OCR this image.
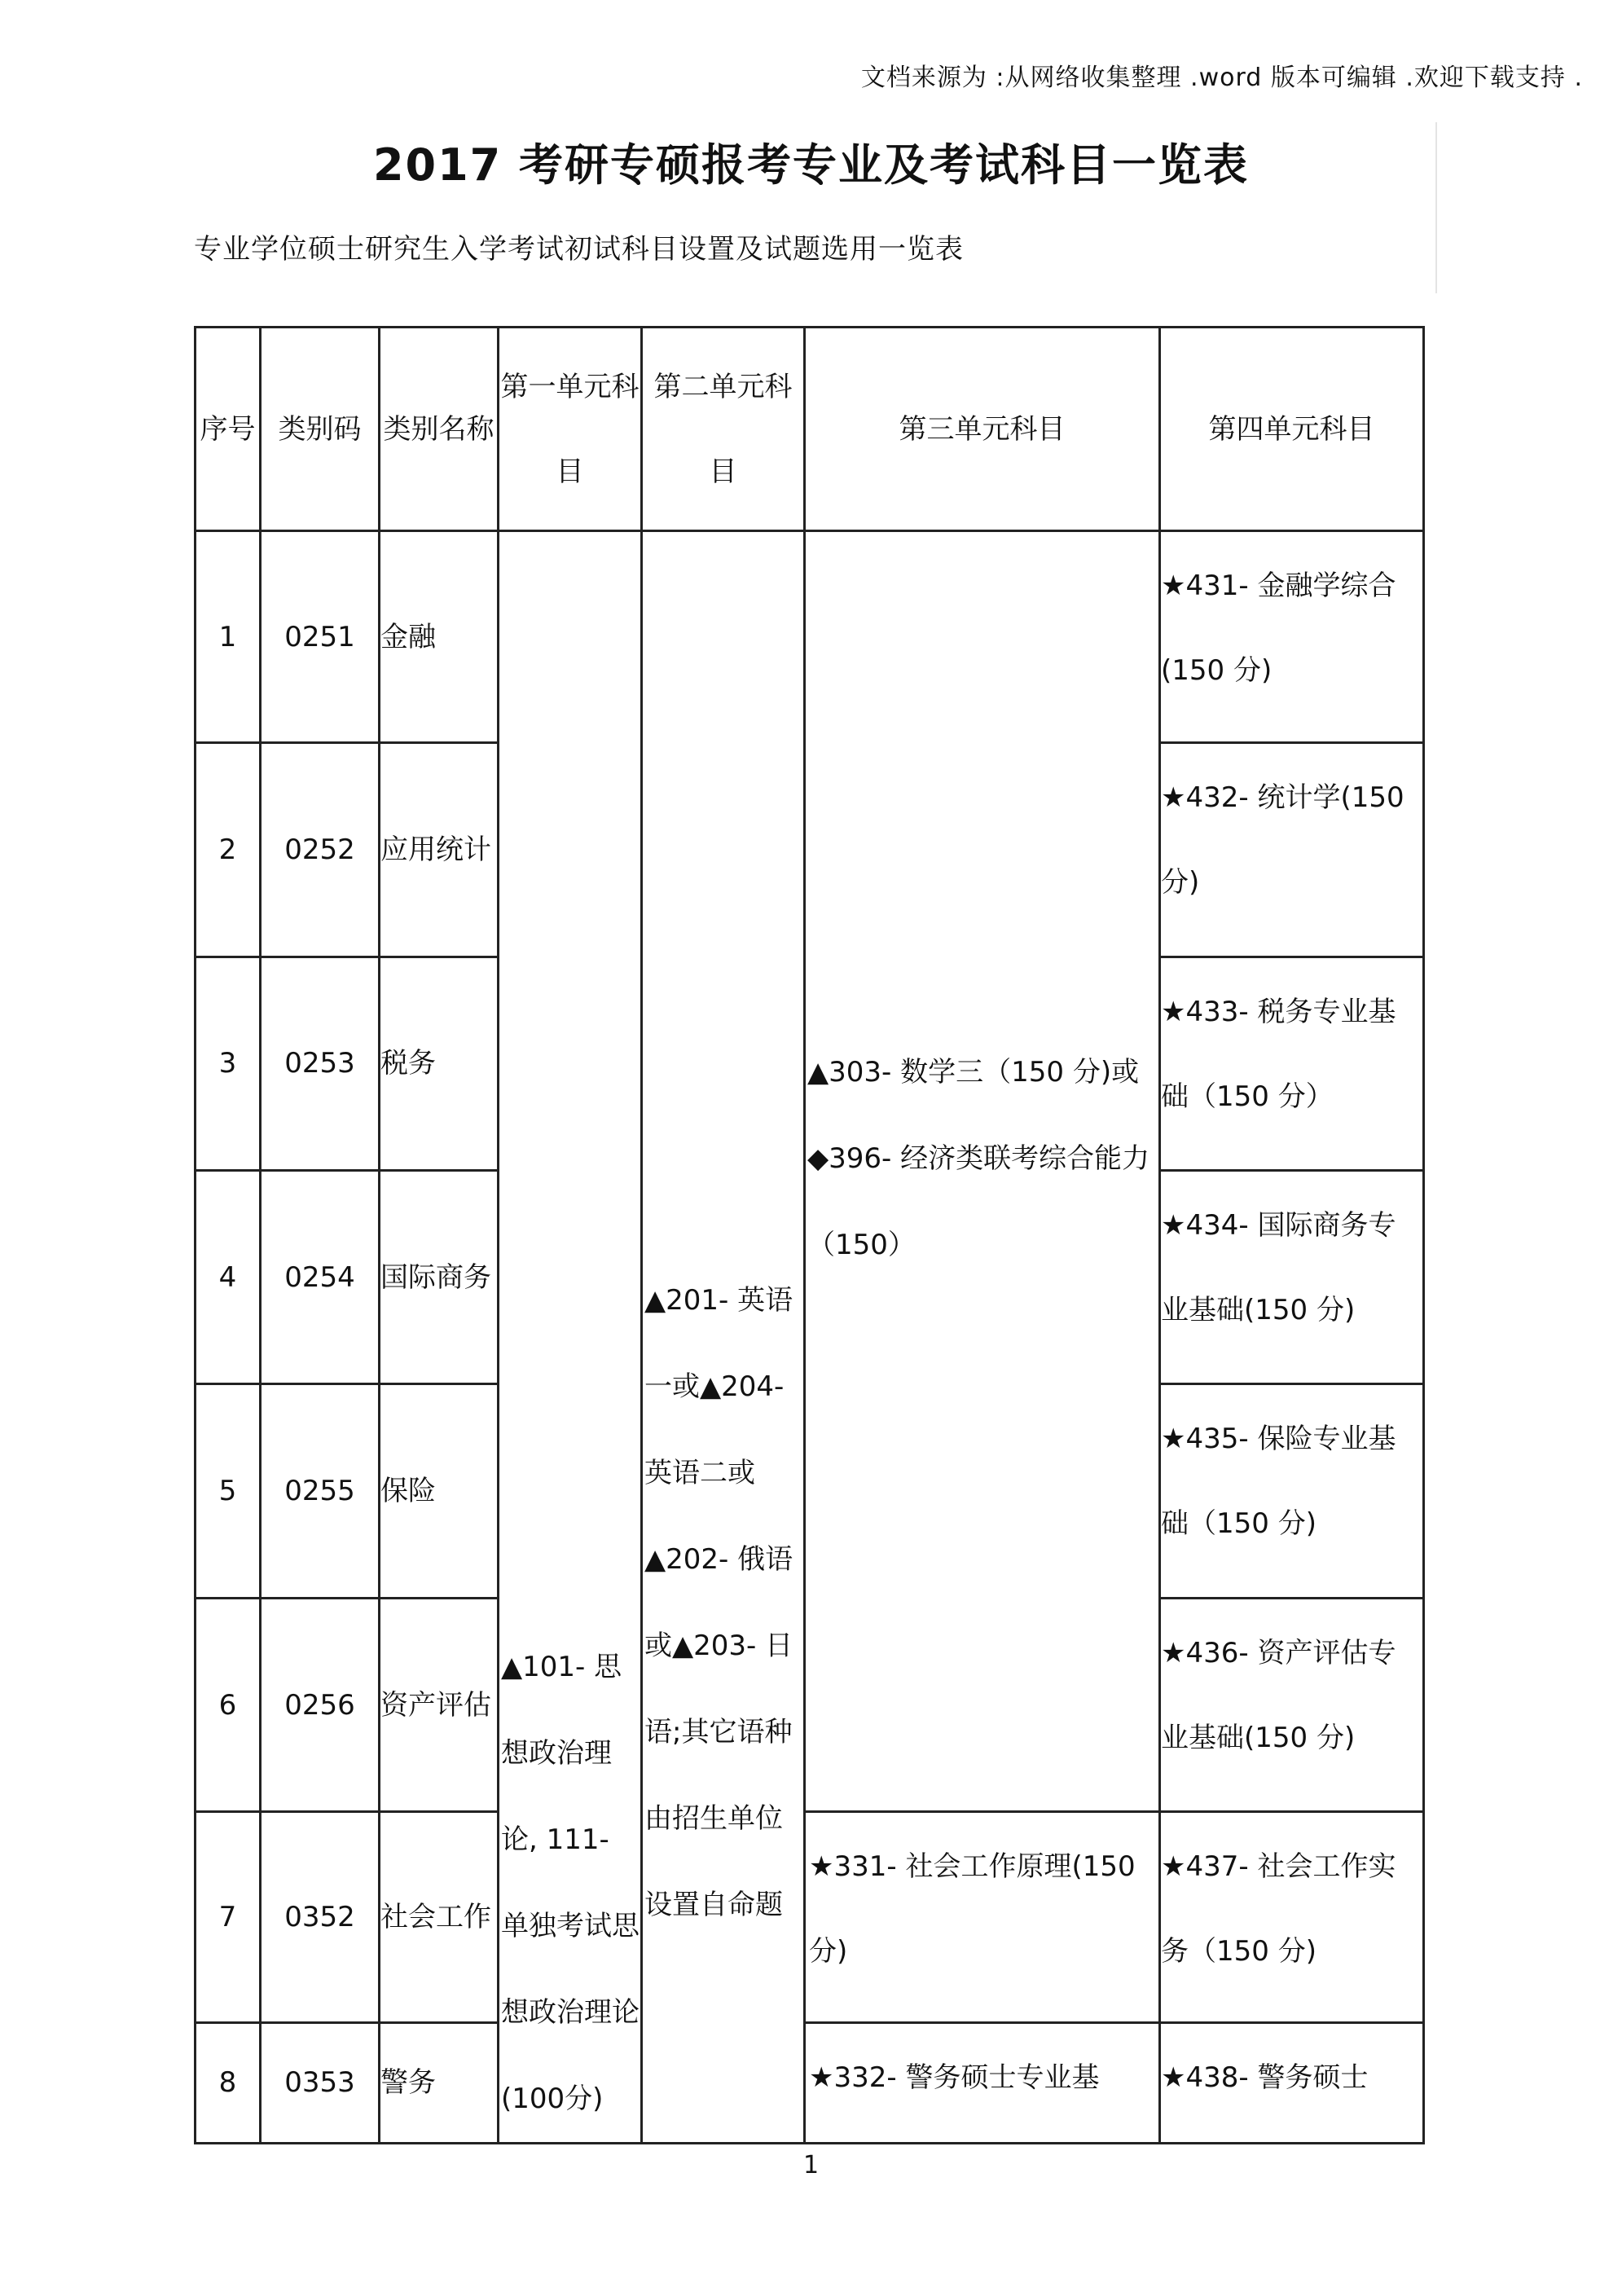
文档来源为 :从网络收集整理 .word 版本可编辑 .欢迎下载支持 .
2017 考研专硕报考专业及考试科目一览表
专业学位硕士研究生入学考试初试科目设置及试题选用一览表
序号	类别码	类别名称	第一单元科目	第二单元科目	第三单元科目	第四单元科目
1	0251	金融	▲101- 思想政治理论, 111- 单独考试思想政治理论(100分)	▲201- 英语一或▲204- 英语二或▲202- 俄语或▲203- 日语;其它语种由招生单位设置自命题	▲303- 数学三（150 分)或◆396- 经济类联考综合能力（150）	★431- 金融学综合(150 分)
2	0252	应用统计				★432- 统计学(150 分)
3	0253	税务				★433- 税务专业基础（150 分）
4	0254	国际商务				★434- 国际商务专业基础(150 分)
5	0255	保险				★435- 保险专业基础（150 分)
6	0256	资产评估				★436- 资产评估专业基础(150 分)
7	0352	社会工作			★331- 社会工作原理(150 分)	★437- 社会工作实务（150 分)
8	0353	警务			★332- 警务硕士专业基	★438- 警务硕士
1
